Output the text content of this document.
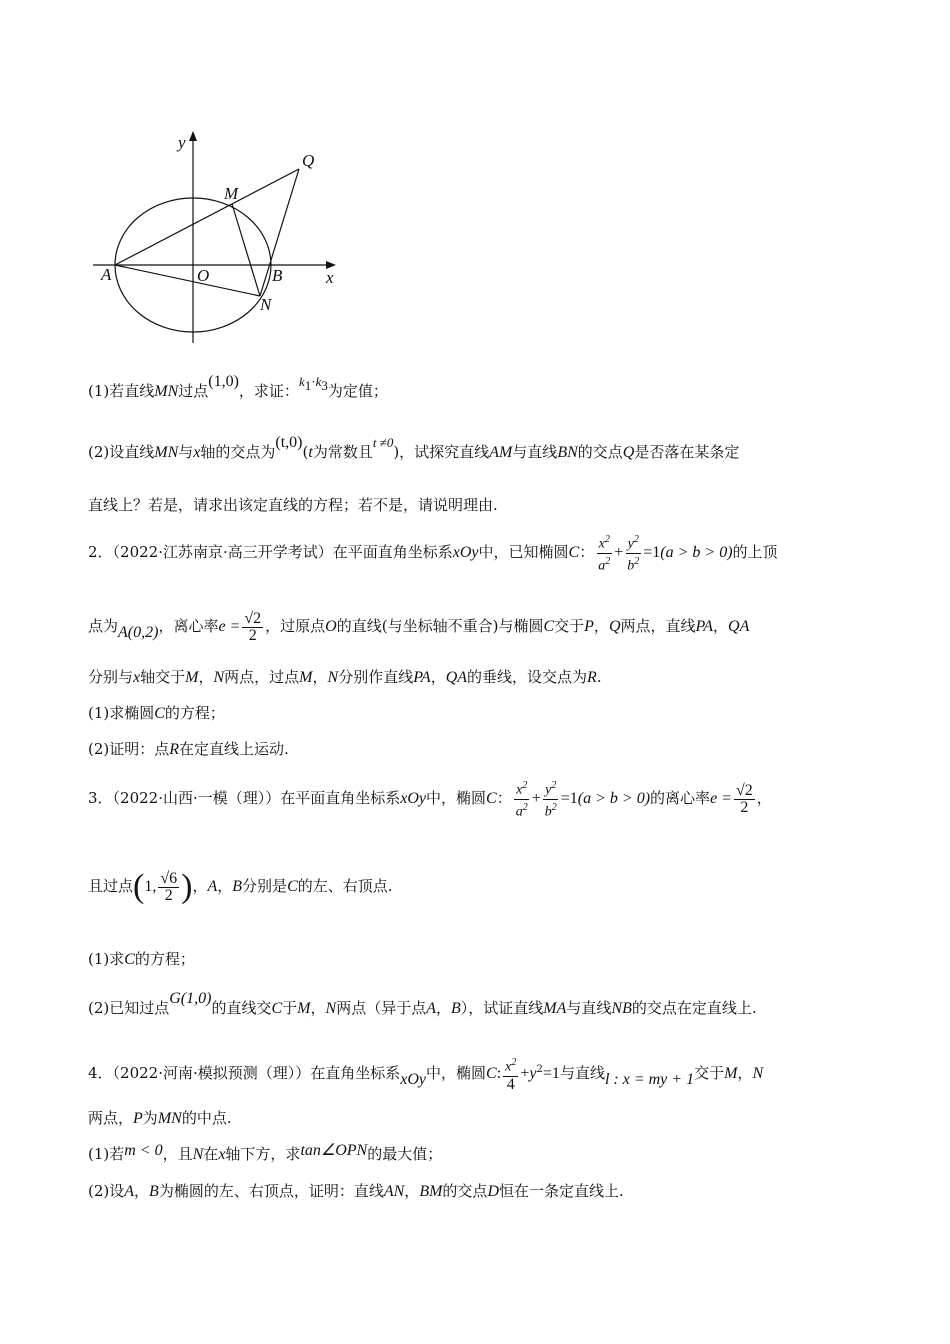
y
x
Q
M
A	O	B
N
(1)若直线MN过点(1,0)，求证：$k_1\cdot k_3$为定值；
(2)设直线MN与x轴的交点为(t,0)(t为常数且t ≠0)，试探究直线AM与直线BN的交点Q是否落在某条定
直线上？若是，请求出该定直线的方程；若不是，请说明理由.
2．（2022·江苏南京·高三开学考试）在平面直角坐标系xOy中，已知椭圆C： $\frac{x^2}{a^2} + \frac{y^2}{b^2} =1(a > b > 0)$的上顶
点为A(0,2)，离心率$e = \frac{√2}{2}$ ，过原点O的直线(与坐标轴不重合)与椭圆C交于P，Q两点，直线PA，QA
分别与x轴交于M，N两点，过点M，N分别作直线PA，QA的垂线，设交点为R.
(1)求椭圆C的方程；
(2)证明：点R在定直线上运动.
3．（2022·山西·一模（理））在平面直角坐标系xOy中，椭圆C： $\frac{x^2}{a^2} + \frac{y^2}{b^2} =1(a > b > 0)$的离心率$e = \frac{√2}{2}$ ，
且过点(1, $\frac{√6}{2}$ )，A，B分别是C的左、右顶点.
(1)求C的方程；
(2)已知过点G(1,0)的直线交C于M，N两点（异于点A，B），试证直线MA与直线NB的交点在定直线上.
4．（2022·河南·模拟预测（理））在直角坐标系xOy中，椭圆C: $\frac{x^2}{4} +y^2=1$与直线l : x = my + 1交于M，N
两点，P为MN的中点.
(1)若m < 0，且N在x轴下方，求tan∠OPN的最大值；
(2)设A，B为椭圆的左、右顶点，证明：直线AN，BM的交点D恒在一条定直线上.
